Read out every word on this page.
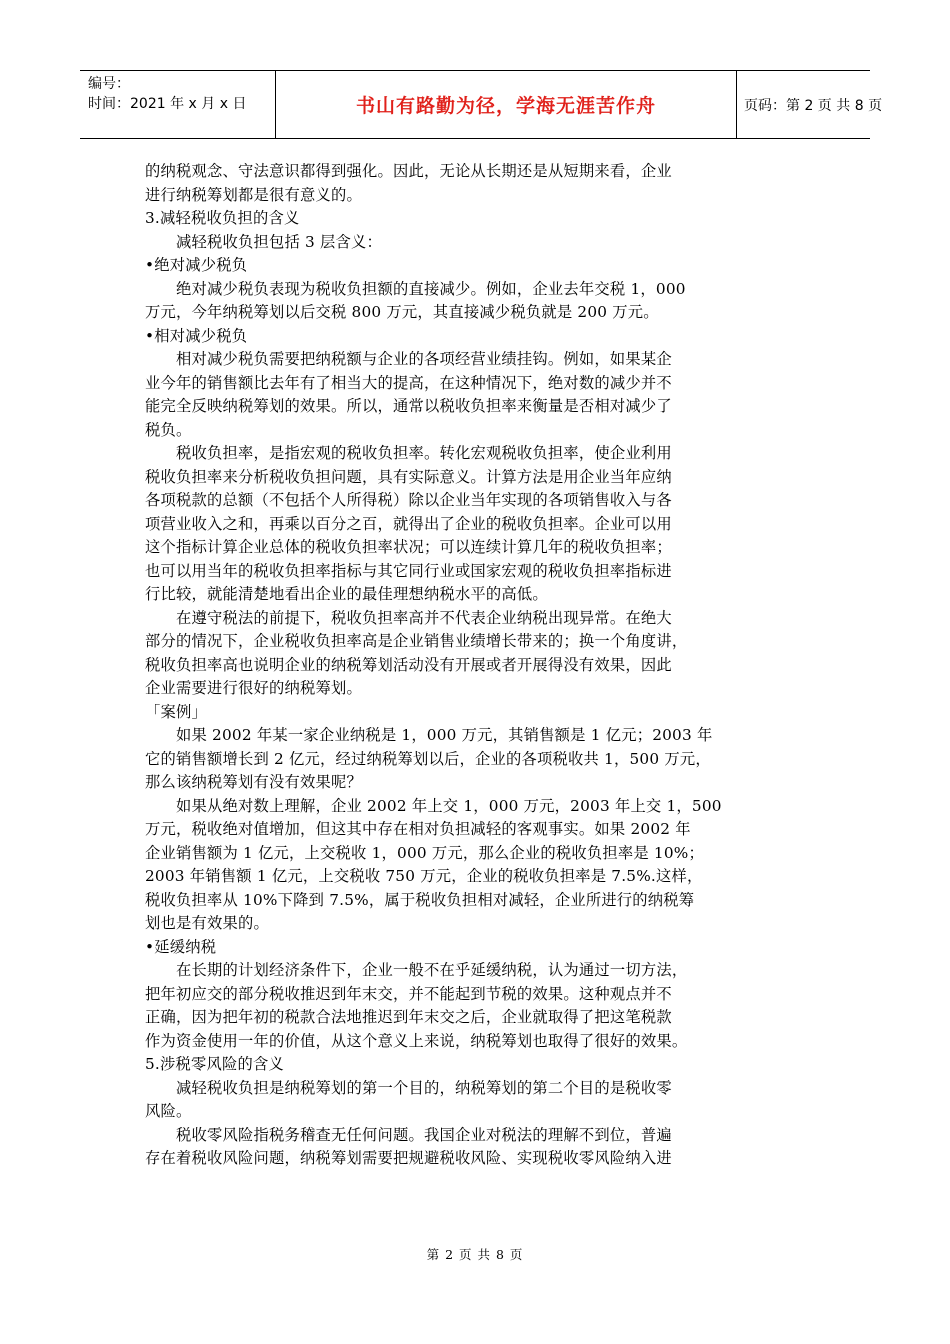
编号：
时间：2021 年 x 月 x 日	书山有路勤为径，学海无涯苦作舟	页码：第 2 页 共 8 页
的纳税观念、守法意识都得到强化。因此，无论从长期还是从短期来看，企业
进行纳税筹划都是很有意义的。
3.减轻税收负担的含义
减轻税收负担包括 3 层含义：
•绝对减少税负
绝对减少税负表现为税收负担额的直接减少。例如，企业去年交税 1，000
万元，今年纳税筹划以后交税 800 万元，其直接减少税负就是 200 万元。
•相对减少税负
相对减少税负需要把纳税额与企业的各项经营业绩挂钩。例如，如果某企
业今年的销售额比去年有了相当大的提高，在这种情况下，绝对数的减少并不
能完全反映纳税筹划的效果。所以，通常以税收负担率来衡量是否相对减少了
税负。
税收负担率，是指宏观的税收负担率。转化宏观税收负担率，使企业利用
税收负担率来分析税收负担问题，具有实际意义。计算方法是用企业当年应纳
各项税款的总额（不包括个人所得税）除以企业当年实现的各项销售收入与各
项营业收入之和，再乘以百分之百，就得出了企业的税收负担率。企业可以用
这个指标计算企业总体的税收负担率状况；可以连续计算几年的税收负担率；
也可以用当年的税收负担率指标与其它同行业或国家宏观的税收负担率指标进
行比较，就能清楚地看出企业的最佳理想纳税水平的高低。
在遵守税法的前提下，税收负担率高并不代表企业纳税出现异常。在绝大
部分的情况下，企业税收负担率高是企业销售业绩增长带来的；换一个角度讲，
税收负担率高也说明企业的纳税筹划活动没有开展或者开展得没有效果，因此
企业需要进行很好的纳税筹划。
「案例」
如果 2002 年某一家企业纳税是 1，000 万元，其销售额是 1 亿元；2003 年
它的销售额增长到 2 亿元，经过纳税筹划以后，企业的各项税收共 1，500 万元，
那么该纳税筹划有没有效果呢？
如果从绝对数上理解，企业 2002 年上交 1，000 万元，2003 年上交 1，500
万元，税收绝对值增加，但这其中存在相对负担减轻的客观事实。如果 2002 年
企业销售额为 1 亿元，上交税收 1，000 万元，那么企业的税收负担率是 10%；
2003 年销售额 1 亿元，上交税收 750 万元，企业的税收负担率是 7.5%.这样，
税收负担率从 10%下降到 7.5%，属于税收负担相对减轻，企业所进行的纳税筹
划也是有效果的。
•延缓纳税
在长期的计划经济条件下，企业一般不在乎延缓纳税，认为通过一切方法，
把年初应交的部分税收推迟到年末交，并不能起到节税的效果。这种观点并不
正确，因为把年初的税款合法地推迟到年末交之后，企业就取得了把这笔税款
作为资金使用一年的价值，从这个意义上来说，纳税筹划也取得了很好的效果。
5.涉税零风险的含义
减轻税收负担是纳税筹划的第一个目的，纳税筹划的第二个目的是税收零
风险。
税收零风险指税务稽查无任何问题。我国企业对税法的理解不到位，普遍
存在着税收风险问题，纳税筹划需要把规避税收风险、实现税收零风险纳入进
第 2 页 共 8 页
